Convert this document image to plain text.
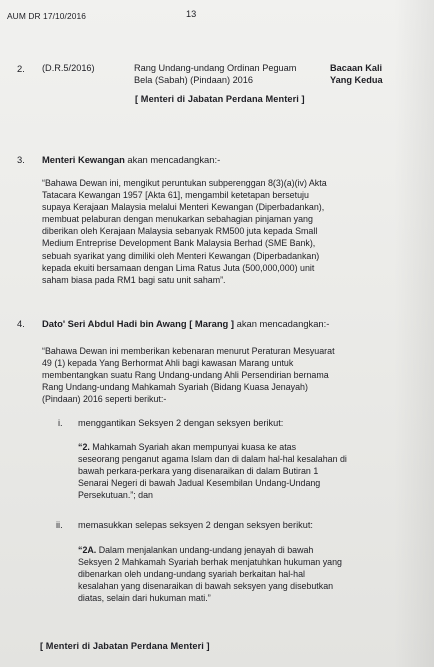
AUM DR 17/10/2016	13
2. (D.R.5/2016)	Rang Undang-undang Ordinan Peguam
Bela (Sabah) (Pindaan) 2016
Bacaan Kali
Yang Kedua
[ Menteri di Jabatan Perdana Menteri ]
3. Menteri Kewangan akan mencadangkan:-
“Bahawa Dewan ini, mengikut peruntukan subperenggan 8(3)(a)(iv) Akta
Tatacara Kewangan 1957 [Akta 61], mengambil ketetapan bersetuju
supaya Kerajaan Malaysia melalui Menteri Kewangan (Diperbadankan),
membuat pelaburan dengan menukarkan sebahagian pinjaman yang
diberikan oleh Kerajaan Malaysia sebanyak RM500 juta kepada Small
Medium Entreprise Development Bank Malaysia Berhad (SME Bank),
sebuah syarikat yang dimiliki oleh Menteri Kewangan (Diperbadankan)
kepada ekuiti bersamaan dengan Lima Ratus Juta (500,000,000) unit
saham biasa pada RM1 bagi satu unit saham”.
4. Dato' Seri Abdul Hadi bin Awang [ Marang ] akan mencadangkan:-
“Bahawa Dewan ini memberikan kebenaran menurut Peraturan Mesyuarat
49 (1) kepada Yang Berhormat Ahli bagi kawasan Marang untuk
membentangkan suatu Rang Undang-undang Ahli Persendirian bernama
Rang Undang-undang Mahkamah Syariah (Bidang Kuasa Jenayah)
(Pindaan) 2016 seperti berikut:-
i. menggantikan Seksyen 2 dengan seksyen berikut:
“2. Mahkamah Syariah akan mempunyai kuasa ke atas
seseorang penganut agama Islam dan di dalam hal-hal kesalahan di
bawah perkara-perkara yang disenaraikan di dalam Butiran 1
Senarai Negeri di bawah Jadual Kesembilan Undang-Undang
Persekutuan.”; dan
ii. memasukkan selepas seksyen 2 dengan seksyen berikut:
“2A. Dalam menjalankan undang-undang jenayah di bawah
Seksyen 2 Mahkamah Syariah berhak menjatuhkan hukuman yang
dibenarkan oleh undang-undang syariah berkaitan hal-hal
kesalahan yang disenaraikan di bawah seksyen yang disebutkan
diatas, selain dari hukuman mati.”
[ Menteri di Jabatan Perdana Menteri ]
